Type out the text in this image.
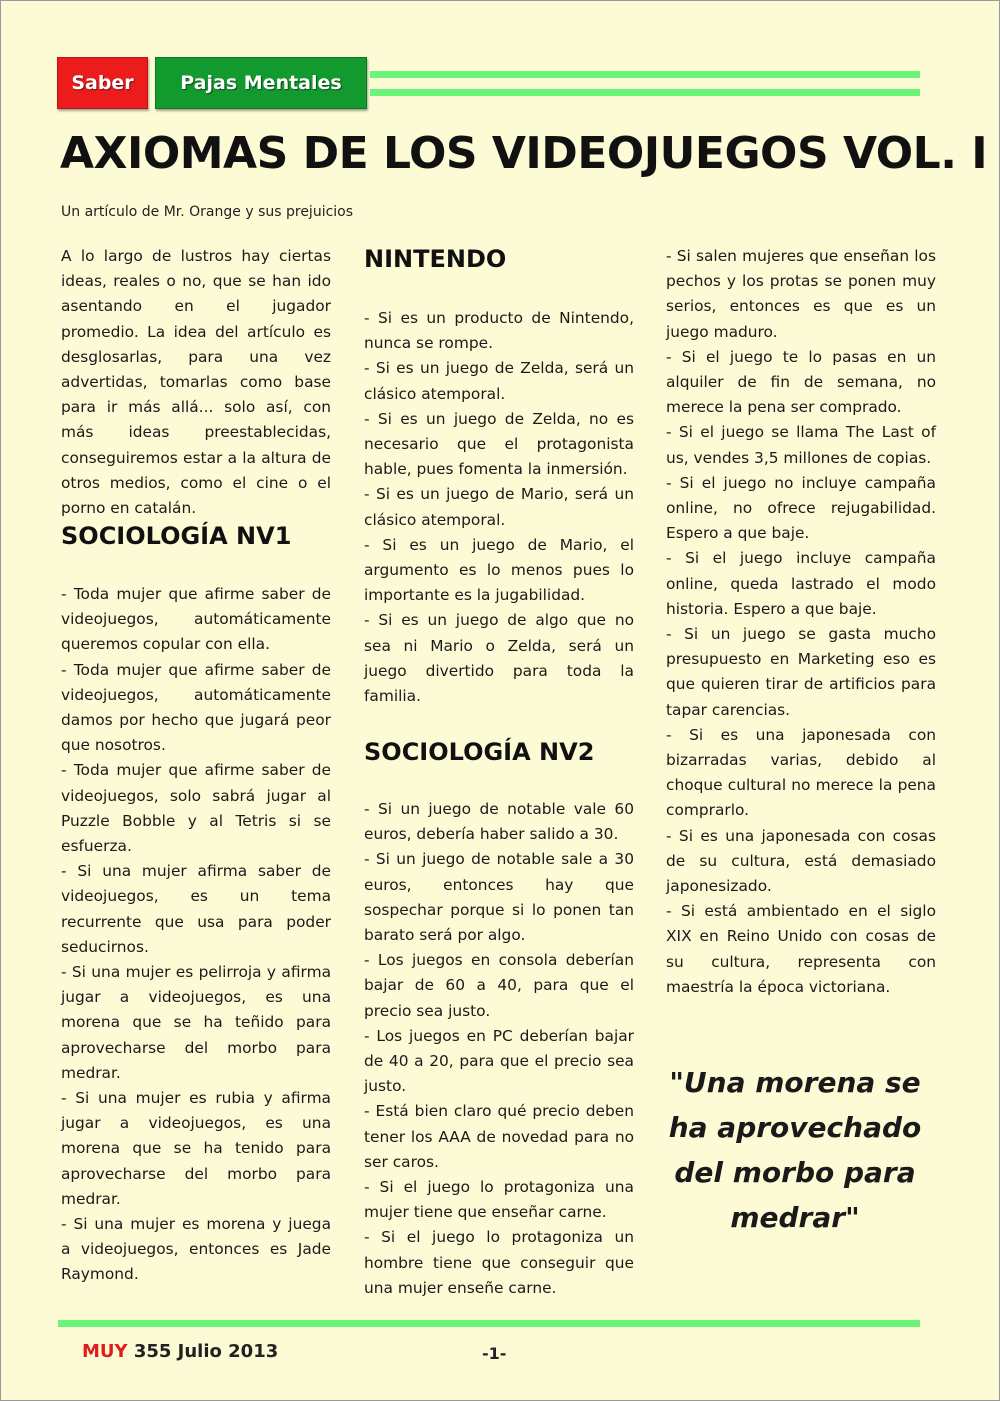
Saber	Pajas Mentales
AXIOMAS DE LOS VIDEOJUEGOS VOL. I
Un artículo de Mr. Orange y sus prejuicios

A lo largo de lustros hay ciertas ideas, reales o no, que se han ido asentando en el jugador promedio. La idea del artículo es desglosarlas, para una vez advertidas, tomarlas como base para ir más allá... solo así, con más ideas preestablecidas, conseguiremos estar a la altura de otros medios, como el cine o el porno en catalán.

SOCIOLOGÍA NV1

- Toda mujer que afirme saber de videojuegos, automáticamente queremos copular con ella.

- Toda mujer que afirme saber de videojuegos, automáticamente damos por hecho que jugará peor que nosotros.

- Toda mujer que afirme saber de videojuegos, solo sabrá jugar al Puzzle Bobble y al Tetris si se esfuerza.

- Si una mujer afirma saber de videojuegos, es un tema recurrente que usa para poder seducirnos.

- Si una mujer es pelirroja y afirma jugar a videojuegos, es una morena que se ha teñido para aprovecharse del morbo para medrar.

- Si una mujer es rubia y afirma jugar a videojuegos, es una morena que se ha tenido para aprovecharse del morbo para medrar.

- Si una mujer es morena y juega a videojuegos, entonces es Jade Raymond.

NINTENDO

- Si es un producto de Nintendo, nunca se rompe.

- Si es un juego de Zelda, será un clásico atemporal.

- Si es un juego de Zelda, no es necesario que el protagonista hable, pues fomenta la inmersión.

- Si es un juego de Mario, será un clásico atemporal.

- Si es un juego de Mario, el argumento es lo menos pues lo importante es la jugabilidad.

- Si es un juego de algo que no sea ni Mario o Zelda, será un juego divertido para toda la familia.

SOCIOLOGÍA NV2

- Si un juego de notable vale 60 euros, debería haber salido a 30.

- Si un juego de notable sale a 30 euros, entonces hay que sospechar porque si lo ponen tan barato será por algo.

- Los juegos en consola deberían bajar de 60 a 40, para que el precio sea justo.

- Los juegos en PC deberían bajar de 40 a 20, para que el precio sea justo.

- Está bien claro qué precio deben tener los AAA de novedad para no ser caros.

- Si el juego lo protagoniza una mujer tiene que enseñar carne.

- Si el juego lo protagoniza un hombre tiene que conseguir que una mujer enseñe carne.

- Si salen mujeres que enseñan los pechos y los protas se ponen muy serios, entonces es que es un juego maduro.

- Si el juego te lo pasas en un alquiler de fin de semana, no merece la pena ser comprado.

- Si el juego se llama The Last of us, vendes 3,5 millones de copias.

- Si el juego no incluye campaña online, no ofrece rejugabilidad. Espero a que baje.

- Si el juego incluye campaña online, queda lastrado el modo historia. Espero a que baje.

- Si un juego se gasta mucho presupuesto en Marketing eso es que quieren tirar de artificios para tapar carencias.

- Si es una japonesada con bizarradas varias, debido al choque cultural no merece la pena comprarlo.

- Si es una japonesada con cosas de su cultura, está demasiado japonesizado.

- Si está ambientado en el siglo XIX en Reino Unido con cosas de su cultura, representa con maestría la época victoriana.

"Una morena se ha aprovechado del morbo para medrar"
MUY 355 Julio 2013	-1-
